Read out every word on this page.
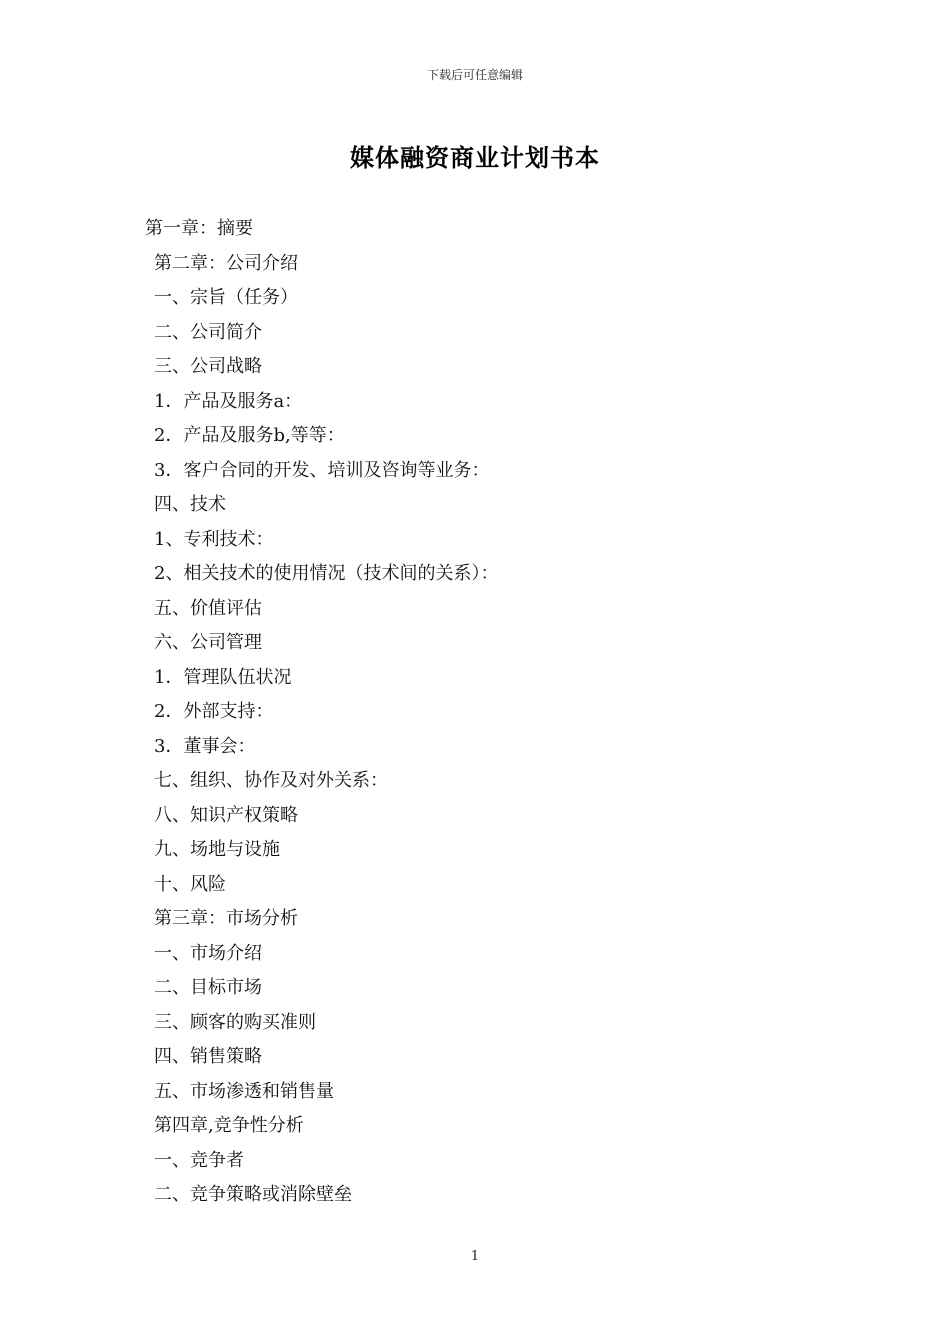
下载后可任意编辑
媒体融资商业计划书本
第一章：摘要
第二章：公司介绍
一、宗旨（任务）
二、公司简介
三、公司战略
1．产品及服务a：
2．产品及服务b,等等：
3．客户合同的开发、培训及咨询等业务：
四、技术
1、专利技术：
2、相关技术的使用情况（技术间的关系）：
五、价值评估
六、公司管理
1．管理队伍状况
2．外部支持：
3．董事会：
七、组织、协作及对外关系：
八、知识产权策略
九、场地与设施
十、风险
第三章：市场分析
一、市场介绍
二、目标市场
三、顾客的购买准则
四、销售策略
五、市场渗透和销售量
第四章,竞争性分析
一、竞争者
二、竞争策略或消除壁垒
1
